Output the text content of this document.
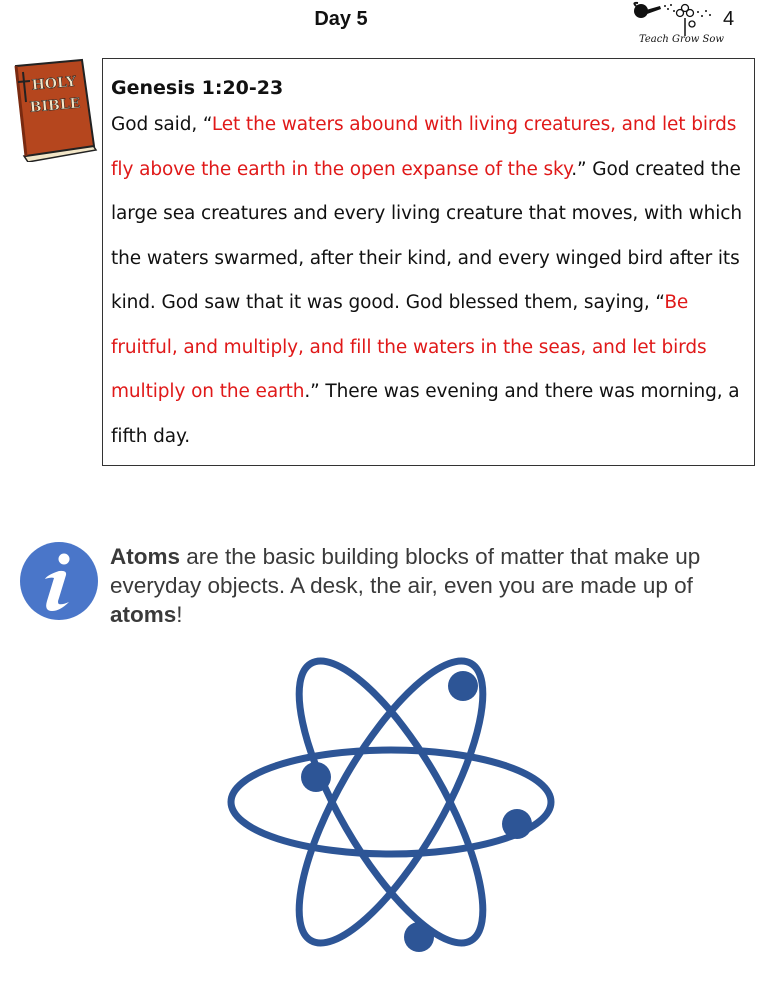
Day 5	4
Teach Grow Sow
HOLY
BIBLE
Genesis 1:20-23

God said, “Let the waters abound with living creatures, and let birds fly above the earth in the open expanse of the sky.” God created the large sea creatures and every living creature that moves, with which the waters swarmed, after their kind, and every winged bird after its kind. God saw that it was good. God blessed them, saying, “Be fruitful, and multiply, and fill the waters in the seas, and let birds multiply on the earth.” There was evening and there was morning, a fifth day.

Atoms are the basic building blocks of matter that make up everyday objects. A desk, the air, even you are made up of atoms!
